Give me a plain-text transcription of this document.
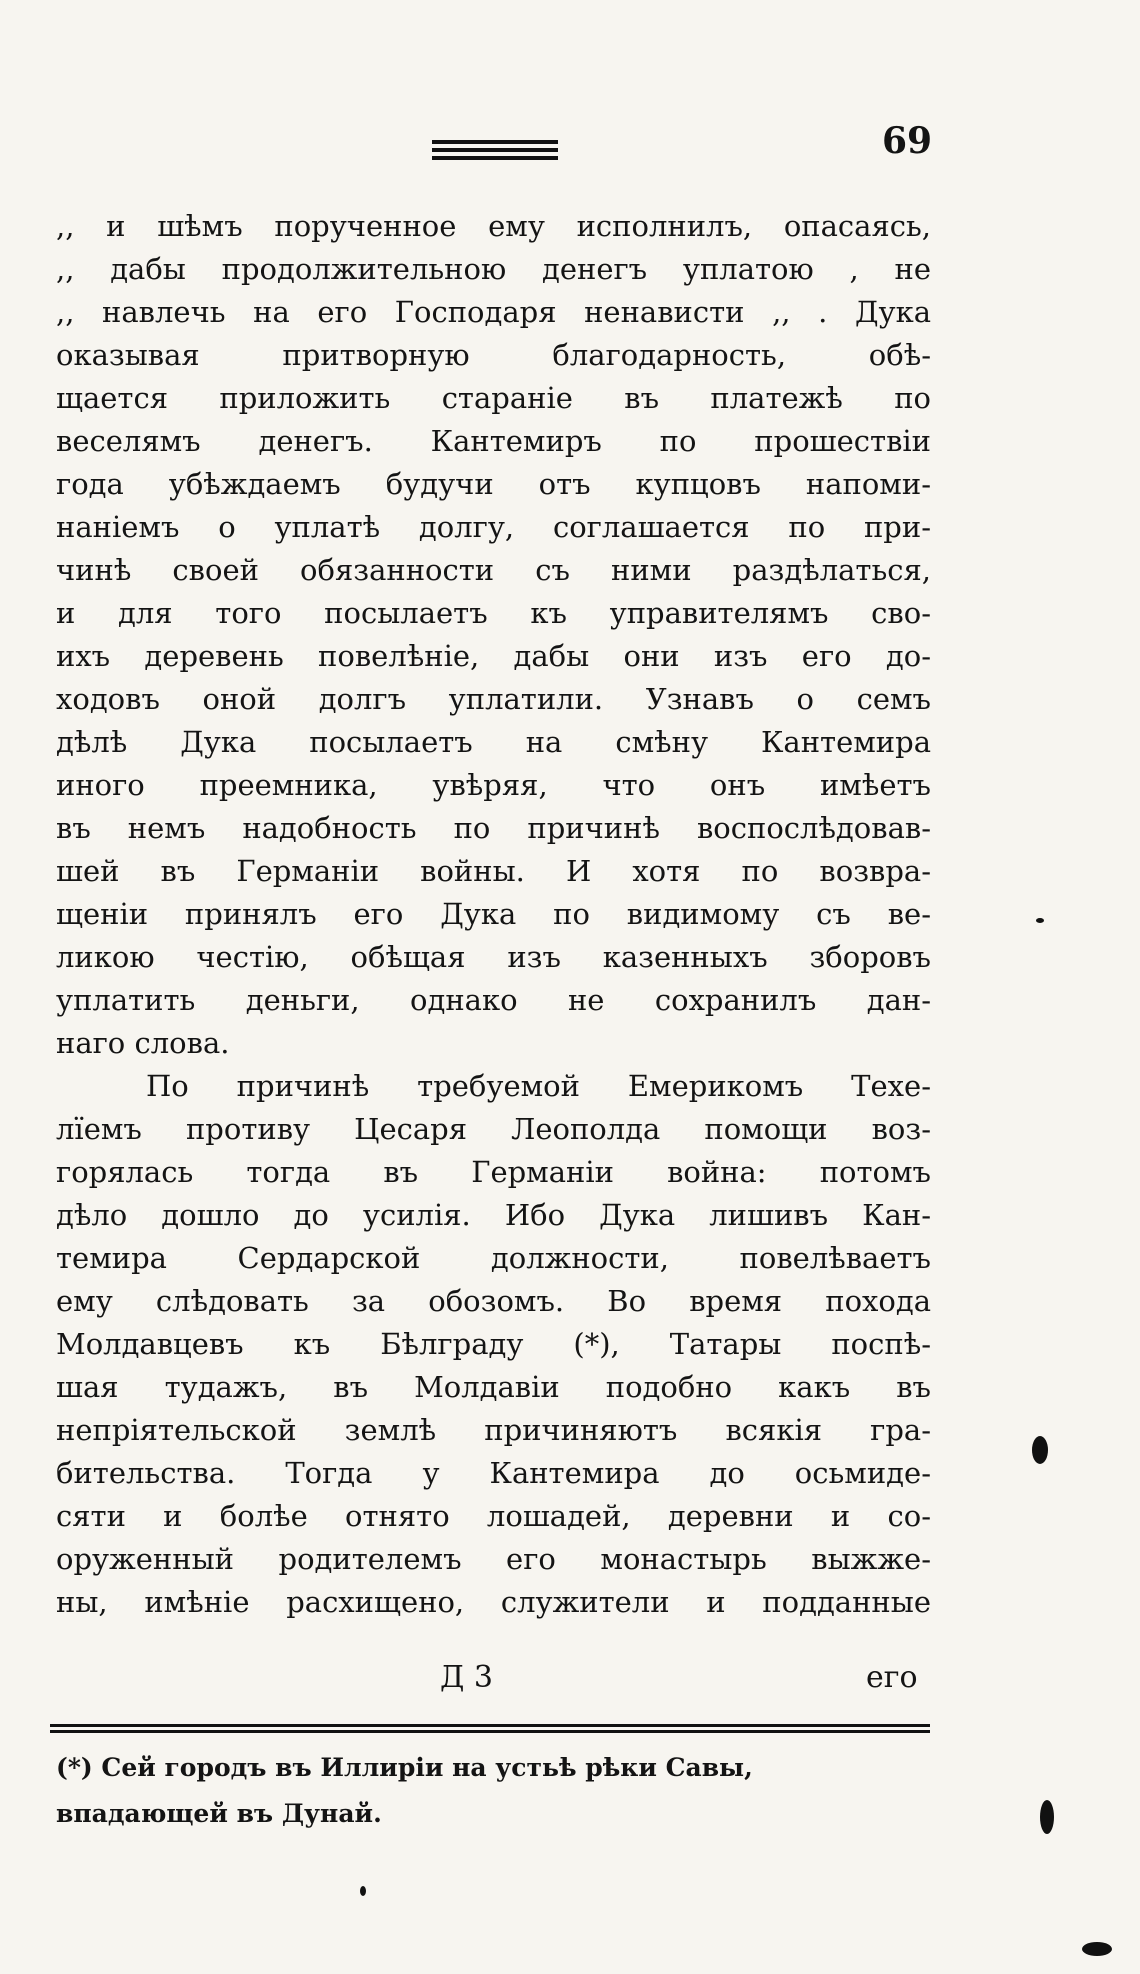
69
,, и шѣмъ порученное ему исполнилъ, опасаясь,
,, дабы продолжительною денегъ уплатою , не
,, навлечь на его Господаря ненависти ,, . Дука
оказывая притворную благодарность, обѣ-
щается приложить стараніе въ платежѣ по
веселямъ денегъ. Кантемиръ по прошествіи
года убѣждаемъ будучи отъ купцовъ напоми-
наніемъ о уплатѣ долгу, соглашается по при-
чинѣ своей обязанности съ ними раздѣлаться,
и для того посылаетъ къ управителямъ сво-
ихъ деревень повелѣніе, дабы они изъ его до-
ходовъ оной долгъ уплатили. Узнавъ о семъ
дѣлѣ Дука посылаетъ на смѣну Кантемира
иного преемника, увѣряя, что онъ имѣетъ
въ немъ надобность по причинѣ воспослѣдовав-
шей въ Германіи войны. И хотя по возвра-
щеніи принялъ его Дука по видимому съ ве-
ликою честію, обѣщая изъ казенныхъ зборовъ
уплатить деньги, однако не сохранилъ дан-
наго слова.
По причинѣ требуемой Емерикомъ Техе-
лїемъ противу Цесаря Леополда помощи воз-
горялась тогда въ Германіи война: потомъ
дѣло дошло до усилія. Ибо Дука лишивъ Кан-
темира Сердарской должности, повелѣваетъ
ему слѣдовать за обозомъ. Во время похода
Молдавцевъ къ Бѣлграду (*), Татары поспѣ-
шая тудажъ, въ Молдавіи подобно какъ въ
непріятельской землѣ причиняютъ всякія гра-
бительства. Тогда у Кантемира до осьмиде-
сяти и болѣе отнято лошадей, деревни и со-
оруженный родителемъ его монастырь выжже-
ны, имѣніе расхищено, служители и подданные
Д 3	его
(*) Сей городъ въ Иллиріи на устьѣ рѣки Савы,
впадающей въ Дунай.
